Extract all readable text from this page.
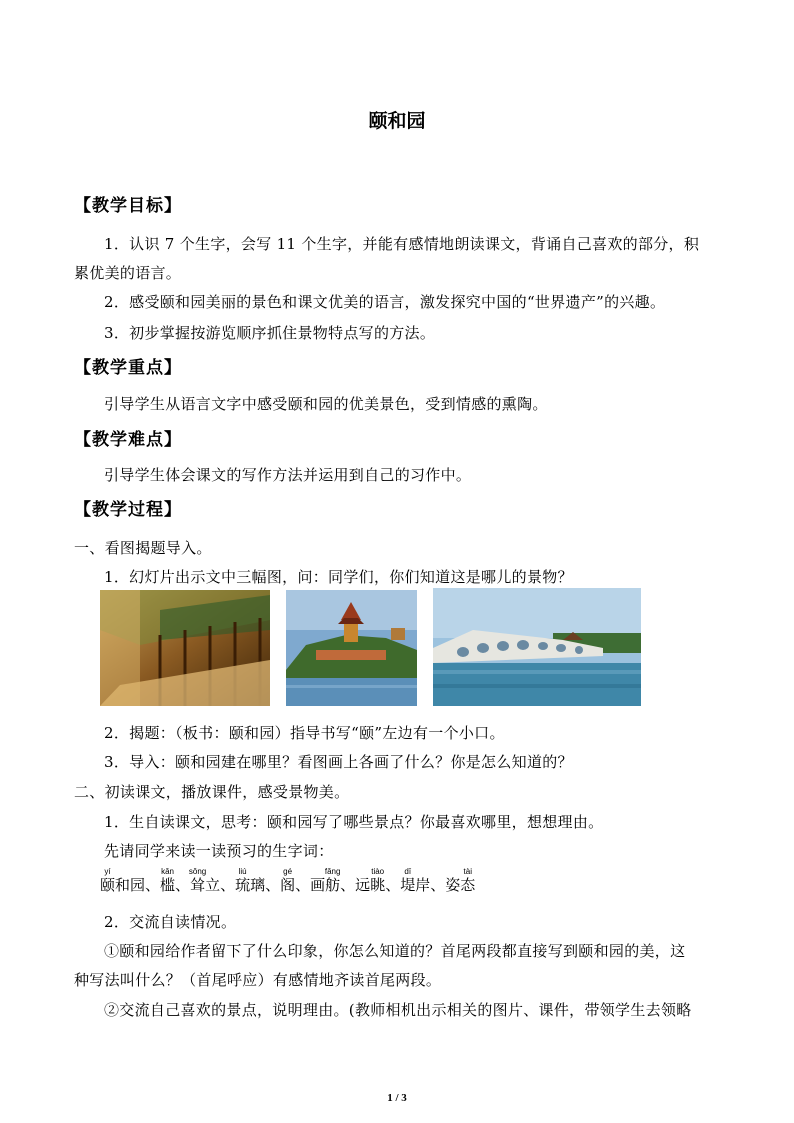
颐和园
【教学目标】
1．认识 7 个生字，会写 11 个生字，并能有感情地朗读课文，背诵自己喜欢的部分，积
累优美的语言。
2．感受颐和园美丽的景色和课文优美的语言，激发探究中国的“世界遗产”的兴趣。
3．初步掌握按游览顺序抓住景物特点写的方法。
【教学重点】
引导学生从语言文字中感受颐和园的优美景色，受到情感的熏陶。
【教学难点】
引导学生体会课文的写作方法并运用到自己的习作中。
【教学过程】
一、看图揭题导入。
1．幻灯片出示文中三幅图，问：同学们，你们知道这是哪儿的景物？
2．揭题：（板书：颐和园）指导书写“颐”左边有一个小口。
3．导入：颐和园建在哪里？看图画上各画了什么？你是怎么知道的？
二、初读课文，播放课件，感受景物美。
1．生自读课文，思考：颐和园写了哪些景点？你最喜欢哪里，想想理由。
先请同学来读一读预习的生字词：
颐yí和园、槛kǎn、耸sǒng立、琉liú璃、阁gé、画舫fǎng、远眺tiào、堤dī岸、姿态tài
2．交流自读情况。
①颐和园给作者留下了什么印象，你怎么知道的？首尾两段都直接写到颐和园的美，这
种写法叫什么？（首尾呼应）有感情地齐读首尾两段。
②交流自己喜欢的景点，说明理由。(教师相机出示相关的图片、课件，带领学生去领略
1 / 3
